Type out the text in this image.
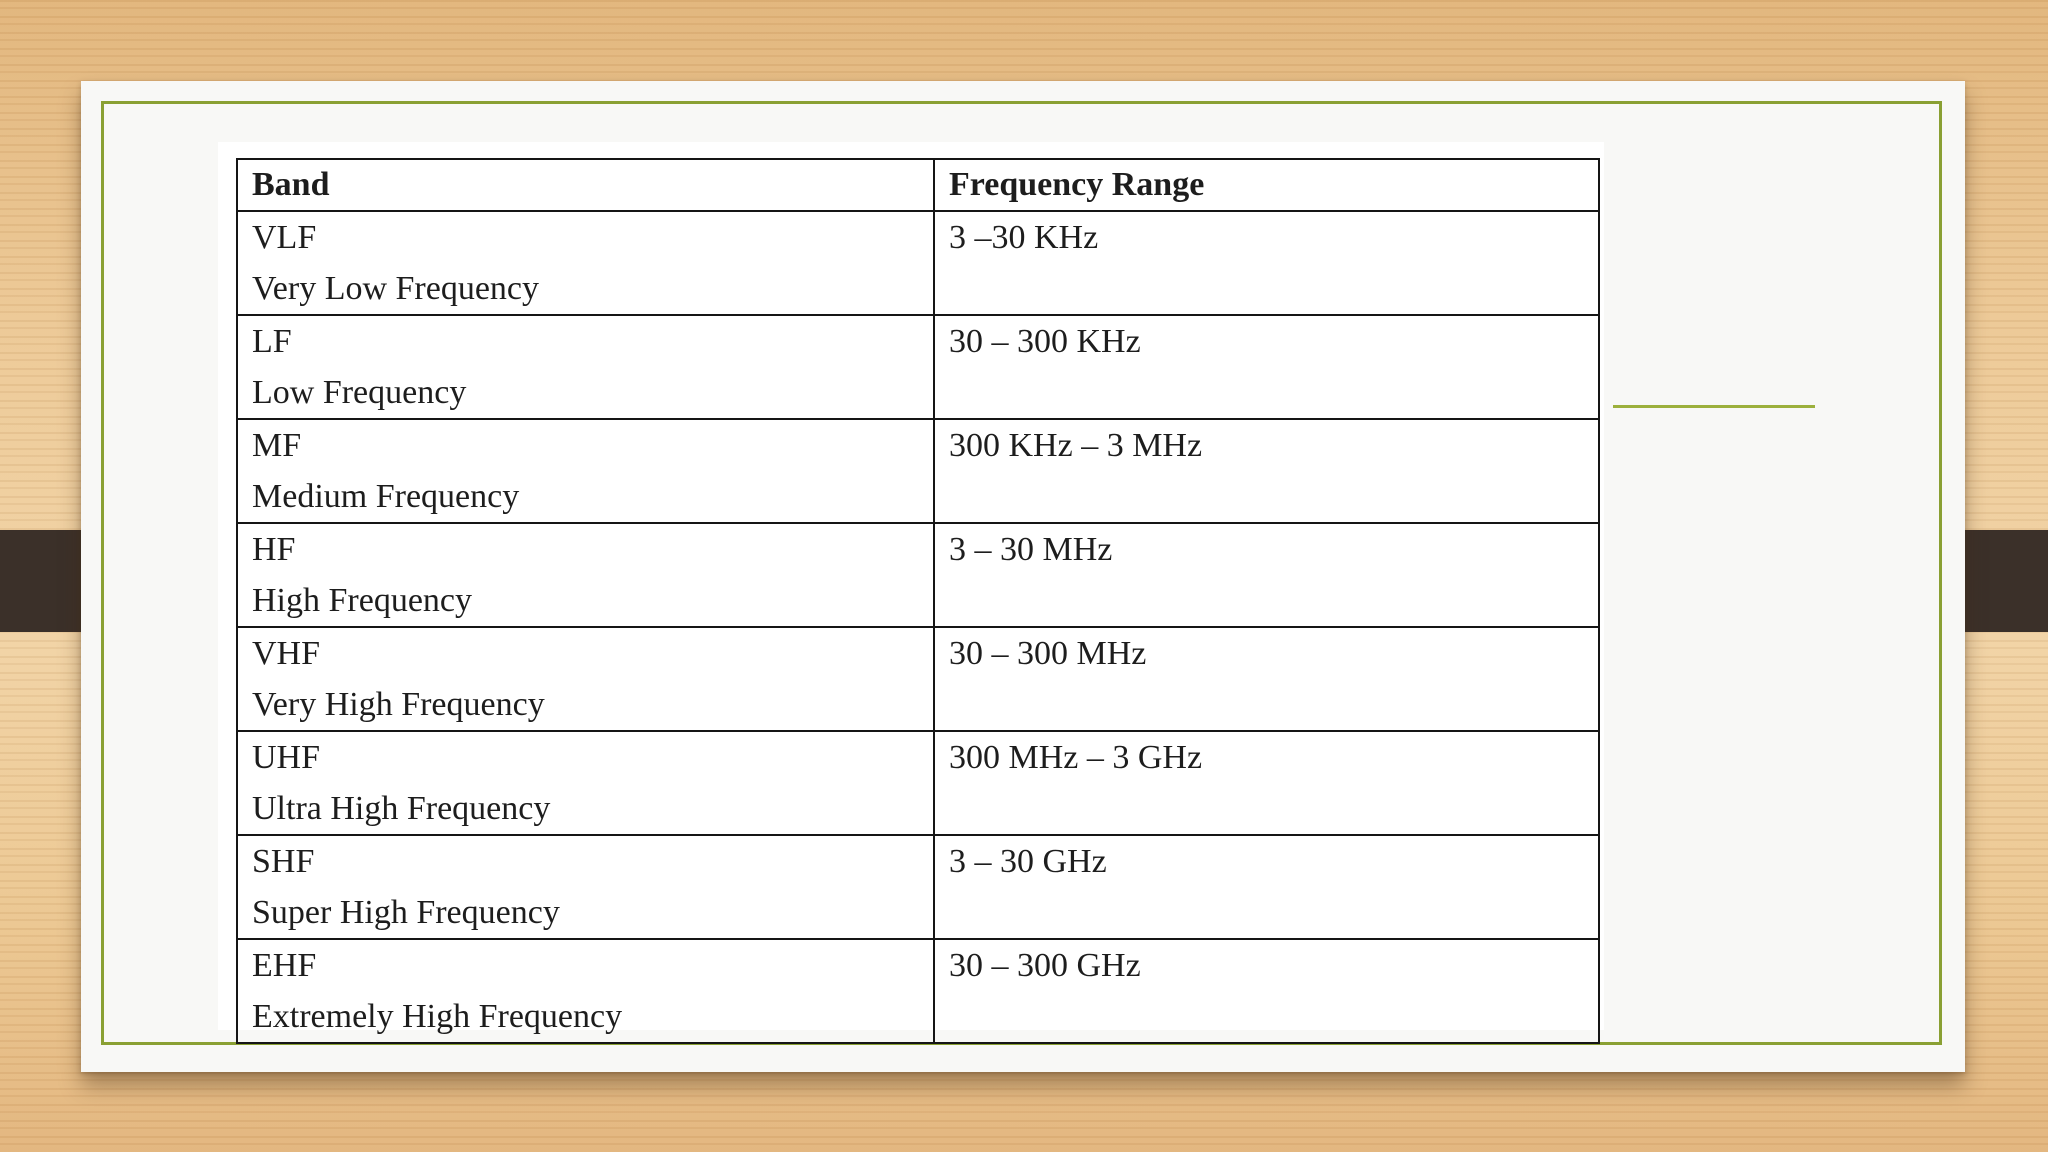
Band	Frequency Range

VLF
Very Low Frequency	3 –30 KHz

LF
Low Frequency	30 – 300 KHz

MF
Medium Frequency	300 KHz – 3 MHz

HF
High Frequency	3 – 30 MHz

VHF
Very High Frequency	30 – 300 MHz

UHF
Ultra High Frequency	300 MHz – 3 GHz

SHF
Super High Frequency	3 – 30 GHz

EHF
Extremely High Frequency	30 – 300 GHz
